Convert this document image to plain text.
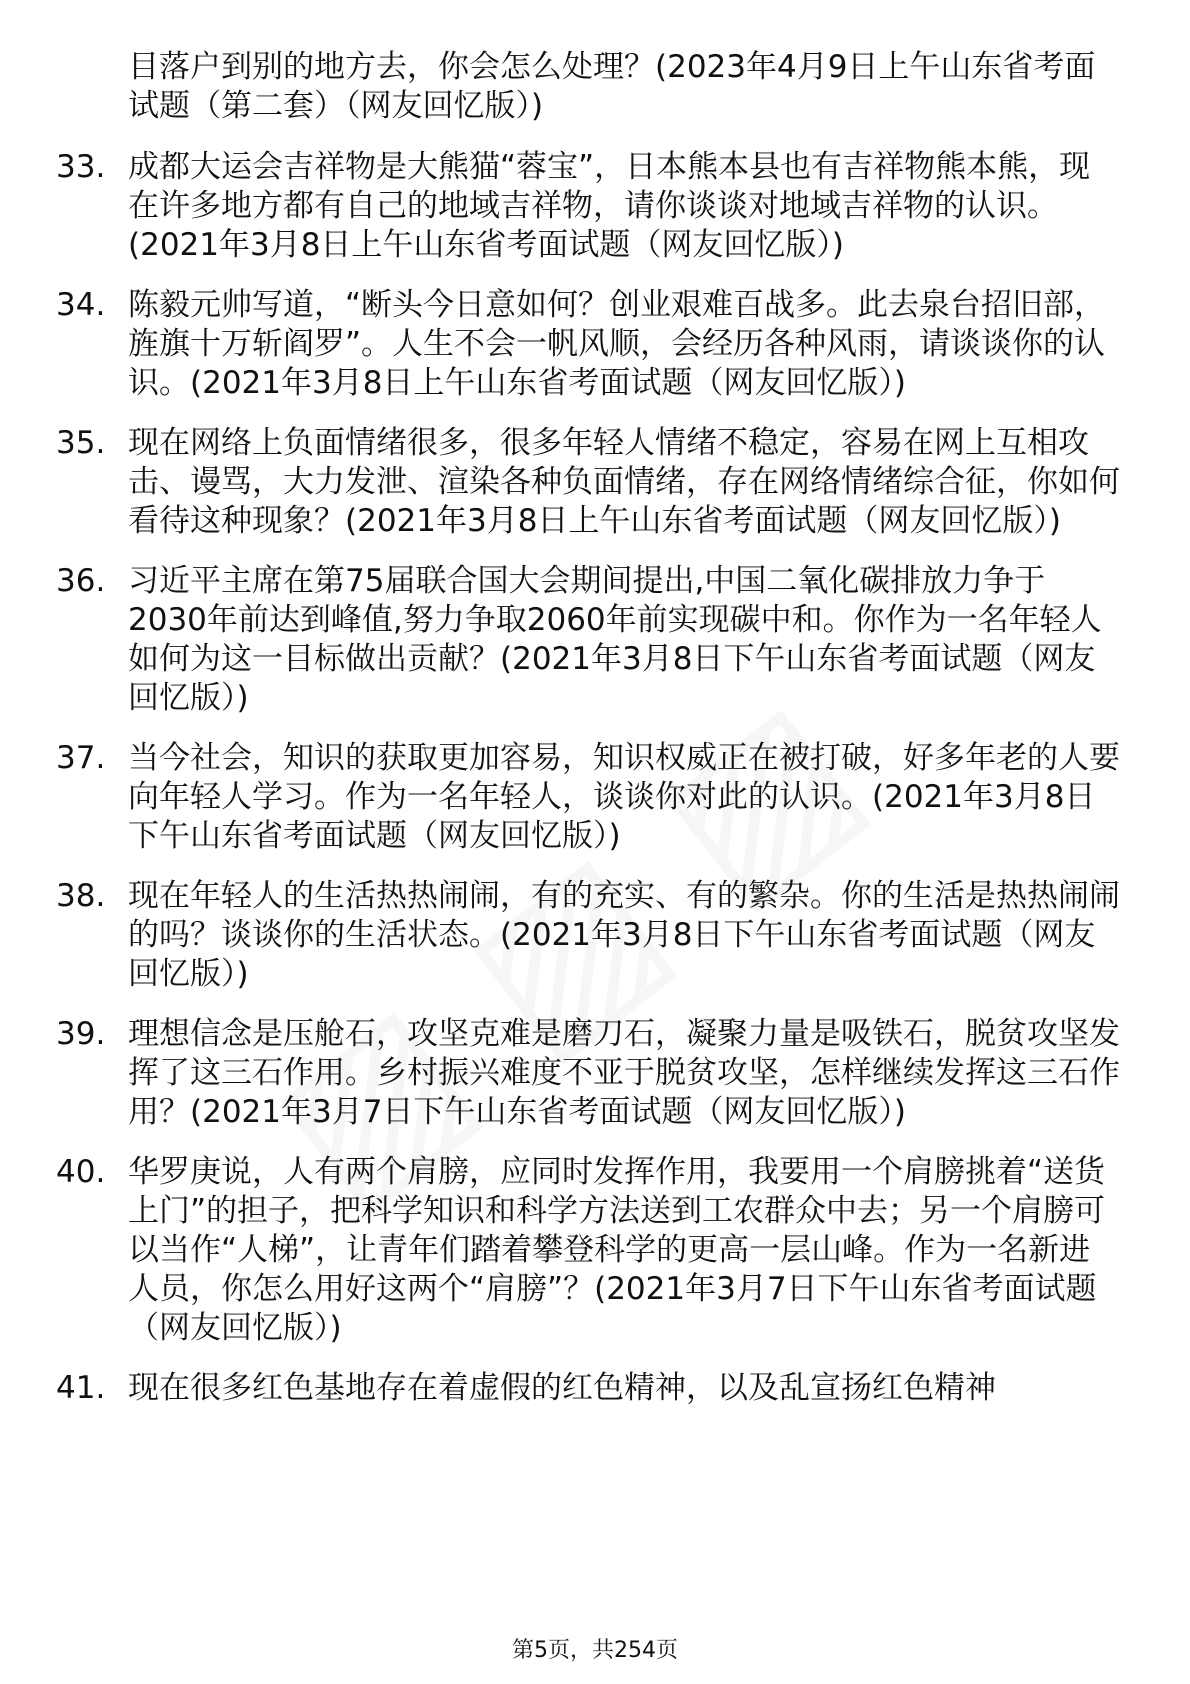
目落户到别的地方去，你会怎么处理？(2023年4月9日上午山东省考面试题（第二套）（网友回忆版）)

33. 成都大运会吉祥物是大熊猫“蓉宝”，日本熊本县也有吉祥物熊本熊，现在许多地方都有自己的地域吉祥物，请你谈谈对地域吉祥物的认识。(2021年3月8日上午山东省考面试题（网友回忆版）)
34. 陈毅元帅写道，“断头今日意如何？创业艰难百战多。此去泉台招旧部，旌旗十万斩阎罗”。人生不会一帆风顺，会经历各种风雨，请谈谈你的认识。(2021年3月8日上午山东省考面试题（网友回忆版）)
35. 现在网络上负面情绪很多，很多年轻人情绪不稳定，容易在网上互相攻击、谩骂，大力发泄、渲染各种负面情绪，存在网络情绪综合征，你如何看待这种现象？(2021年3月8日上午山东省考面试题（网友回忆版）)
36. 习近平主席在第75届联合国大会期间提出,中国二氧化碳排放力争于2030年前达到峰值,努力争取2060年前实现碳中和。你作为一名年轻人如何为这一目标做出贡献？(2021年3月8日下午山东省考面试题（网友回忆版）)
37. 当今社会，知识的获取更加容易，知识权威正在被打破，好多年老的人要向年轻人学习。作为一名年轻人，谈谈你对此的认识。(2021年3月8日下午山东省考面试题（网友回忆版）)
38. 现在年轻人的生活热热闹闹，有的充实、有的繁杂。你的生活是热热闹闹的吗？谈谈你的生活状态。(2021年3月8日下午山东省考面试题（网友回忆版）)
39. 理想信念是压舱石，攻坚克难是磨刀石，凝聚力量是吸铁石，脱贫攻坚发挥了这三石作用。乡村振兴难度不亚于脱贫攻坚，怎样继续发挥这三石作用？(2021年3月7日下午山东省考面试题（网友回忆版）)
40. 华罗庚说，人有两个肩膀，应同时发挥作用，我要用一个肩膀挑着“送货上门”的担子，把科学知识和科学方法送到工农群众中去；另一个肩膀可以当作“人梯”，让青年们踏着攀登科学的更高一层山峰。作为一名新进人员，你怎么用好这两个“肩膀”？(2021年3月7日下午山东省考面试题（网友回忆版）)
41. 现在很多红色基地存在着虚假的红色精神，以及乱宣扬红色精神
第5页，共254页
